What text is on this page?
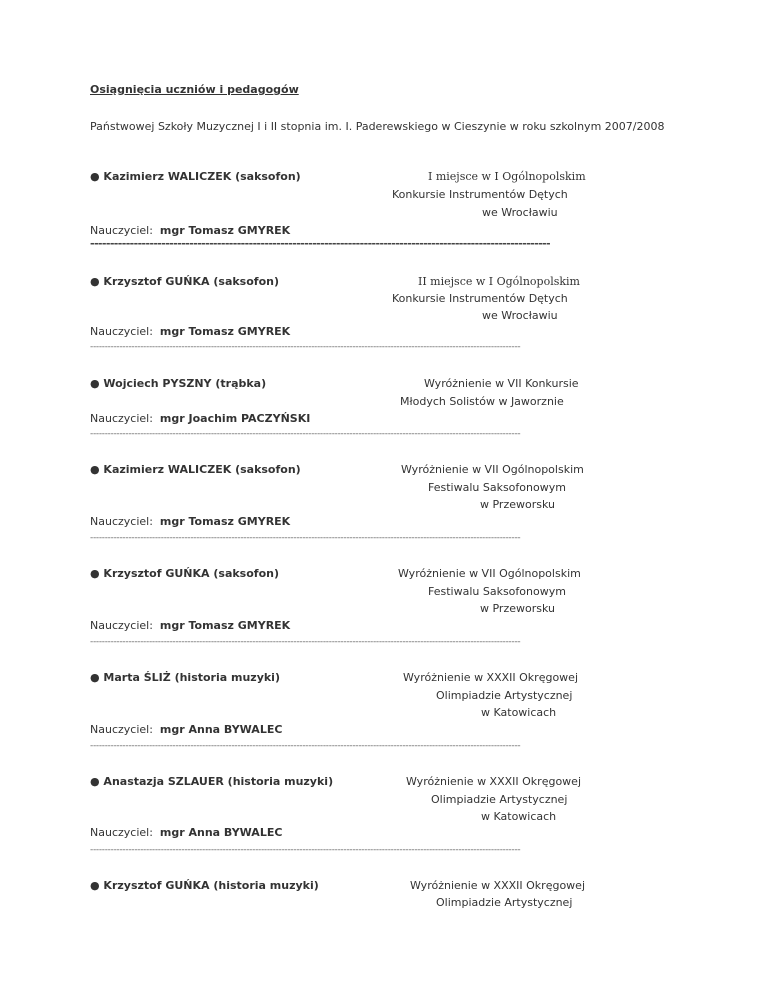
Osiągnięcia uczniów i pedagogów
Państwowej Szkoły Muzycznej I i II stopnia im. I. Paderewskiego w Cieszynie w roku szkolnym 2007/2008
● Kazimierz WALICZEK (saksofon)	I miejsce w I Ogólnopolskim
Konkursie Instrumentów Dętych
we Wrocławiu
Nauczyciel: mgr Tomasz GMYREK
--------------------------------------------------------------------------------------------------------------------
● Krzysztof GUŃKA (saksofon)	II miejsce w I Ogólnopolskim
Konkursie Instrumentów Dętych
we Wrocławiu
Nauczyciel: mgr Tomasz GMYREK
--------------------------------------------------------------------------------------------------------------------------------------------------
● Wojciech PYSZNY (trąbka)	Wyróżnienie w VII Konkursie
Młodych Solistów w Jaworznie
Nauczyciel: mgr Joachim PACZYŃSKI
--------------------------------------------------------------------------------------------------------------------------------------------------
● Kazimierz WALICZEK (saksofon)	Wyróżnienie w VII Ogólnopolskim
Festiwalu Saksofonowym
w Przeworsku
Nauczyciel: mgr Tomasz GMYREK
--------------------------------------------------------------------------------------------------------------------------------------------------
● Krzysztof GUŃKA (saksofon)	Wyróżnienie w VII Ogólnopolskim
Festiwalu Saksofonowym
w Przeworsku
Nauczyciel: mgr Tomasz GMYREK
--------------------------------------------------------------------------------------------------------------------------------------------------
● Marta ŚLIŻ (historia muzyki)	Wyróżnienie w XXXII Okręgowej
Olimpiadzie Artystycznej
w Katowicach
Nauczyciel: mgr Anna BYWALEC
--------------------------------------------------------------------------------------------------------------------------------------------------
● Anastazja SZLAUER (historia muzyki)	Wyróżnienie w XXXII Okręgowej
Olimpiadzie Artystycznej
w Katowicach
Nauczyciel: mgr Anna BYWALEC
--------------------------------------------------------------------------------------------------------------------------------------------------
● Krzysztof GUŃKA (historia muzyki)	Wyróżnienie w XXXII Okręgowej
Olimpiadzie Artystycznej
